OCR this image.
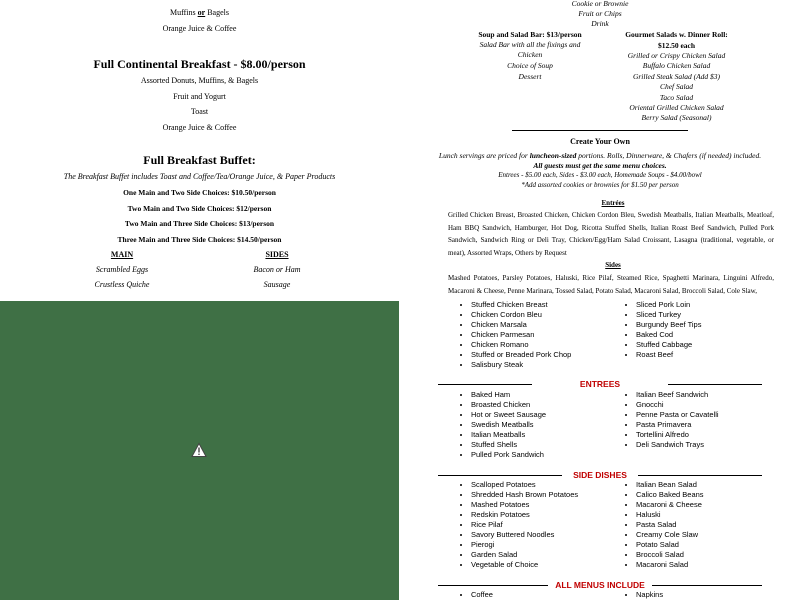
Muffins or Bagels
Orange Juice & Coffee
Full Continental Breakfast - $8.00/person
Assorted Donuts, Muffins, & Bagels
Fruit and Yogurt
Toast
Orange Juice & Coffee
Full Breakfast Buffet:
The Breakfast Buffet includes Toast and Coffee/Tea/Orange Juice, & Paper Products
One Main and Two Side Choices: $10.50/person
Two Main and Two Side Choices: $12/person
Two Main and Three Side Choices: $13/person
Three Main and Three Side Choices: $14.50/person
MAIN
Scrambled Eggs
Crustless Quiche
SIDES
Bacon or Ham
Sausage
Cookie or Brownie
Fruit or Chips
Drink
Soup and Salad Bar: $13/person
Salad Bar with all the fixings and
Chicken
Choice of Soup
Dessert
Gourmet Salads w. Dinner Roll:
$12.50 each
Grilled or Crispy Chicken Salad
Buffalo Chicken Salad
Grilled Steak Salad (Add $3)
Chef Salad
Taco Salad
Oriental Grilled Chicken Salad
Berry Salad (Seasonal)
Create Your Own
Lunch servings are priced for luncheon-sized portions. Rolls, Dinnerware, & Chafers (if needed) included.
All guests must get the same menu choices.
Entrees - $5.00 each, Sides - $3.00 each, Homemade Soups - $4.00/bowl
*Add assorted cookies or brownies for $1.50 per person
Entrées
Grilled Chicken Breast, Broasted Chicken, Chicken Cordon Bleu, Swedish Meatballs, Italian Meatballs, Meatloaf, Ham BBQ Sandwich, Hamburger, Hot Dog, Ricotta Stuffed Shells, Italian Roast Beef Sandwich, Pulled Pork Sandwich, Sandwich Ring or Deli Tray, Chicken/Egg/Ham Salad Croissant, Lasagna (traditional, vegetable, or meat), Assorted Wraps, Others by Request
Sides
Mashed Potatoes, Parsley Potatoes, Haluski, Rice Pilaf, Steamed Rice, Spaghetti Marinara, Linguini Alfredo, Macaroni & Cheese, Penne Marinara, Tossed Salad, Potato Salad, Macaroni Salad, Broccoli Salad, Cole Slaw,
• Stuffed Chicken Breast
• Chicken Cordon Bleu
• Chicken Marsala
• Chicken Parmesan
• Chicken Romano
• Stuffed or Breaded Pork Chop
• Salisbury Steak
• Sliced Pork Loin
• Sliced Turkey
• Burgundy Beef Tips
• Baked Cod
• Stuffed Cabbage
• Roast Beef
ENTREES
• Baked Ham
• Broasted Chicken
• Hot or Sweet Sausage
• Swedish Meatballs
• Italian Meatballs
• Stuffed Shells
• Pulled Pork Sandwich
• Italian Beef Sandwich
• Gnocchi
• Penne Pasta or Cavatelli
• Pasta Primavera
• Tortellini Alfredo
• Deli Sandwich Trays
SIDE DISHES
• Scalloped Potatoes
• Shredded Hash Brown Potatoes
• Mashed Potatoes
• Redskin Potatoes
• Rice Pilaf
• Savory Buttered Noodles
• Pierogi
• Garden Salad
• Vegetable of Choice
• Italian Bean Salad
• Calico Baked Beans
• Macaroni & Cheese
• Haluski
• Pasta Salad
• Creamy Cole Slaw
• Potato Salad
• Broccoli Salad
• Macaroni Salad
ALL MENUS INCLUDE
• Coffee
•	Napkins
